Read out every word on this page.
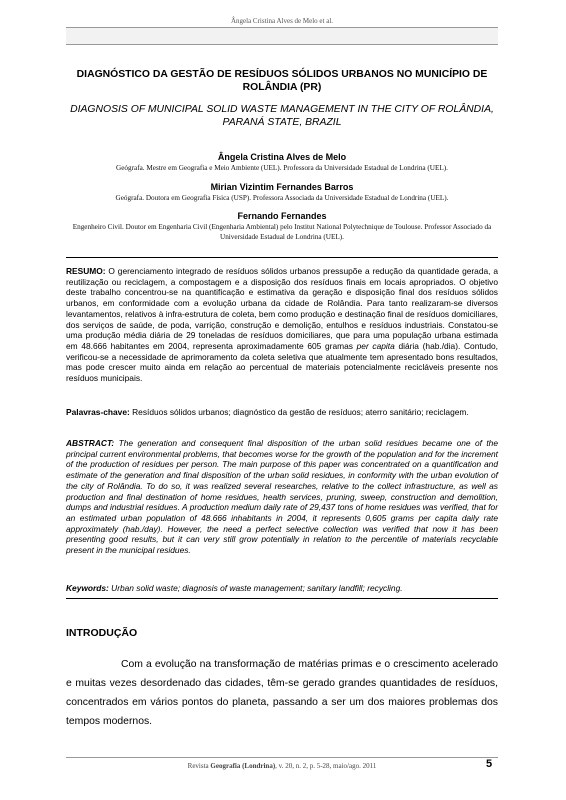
Ângela Cristina Alves de Melo et al.
DIAGNÓSTICO DA GESTÃO DE RESÍDUOS SÓLIDOS URBANOS NO MUNICÍPIO DE ROLÂNDIA (PR)
DIAGNOSIS OF MUNICIPAL SOLID WASTE MANAGEMENT IN THE CITY OF ROLÂNDIA, PARANÁ STATE, BRAZIL
Ângela Cristina Alves de Melo
Geógrafa. Mestre em Geografia e Meio Ambiente (UEL). Professora da Universidade Estadual de Londrina (UEL).
Mirian Vizintim Fernandes Barros
Geógrafa. Doutora em Geografia Física (USP). Professora Associada da Universidade Estadual de Londrina (UEL).
Fernando Fernandes
Engenheiro Civil. Doutor em Engenharia Civil (Engenharia Ambiental) pelo Institut National Polytechnique de Toulouse. Professor Associado da Universidade Estadual de Londrina (UEL).
RESUMO: O gerenciamento integrado de resíduos sólidos urbanos pressupõe a redução da quantidade gerada, a reutilização ou reciclagem, a compostagem e a disposição dos resíduos finais em locais apropriados. O objetivo deste trabalho concentrou-se na quantificação e estimativa da geração e disposição final dos resíduos sólidos urbanos, em conformidade com a evolução urbana da cidade de Rolândia. Para tanto realizaram-se diversos levantamentos, relativos à infra-estrutura de coleta, bem como produção e destinação final de resíduos domiciliares, dos serviços de saúde, de poda, varrição, construção e demolição, entulhos e resíduos industriais. Constatou-se uma produção média diária de 29 toneladas de resíduos domiciliares, que para uma população urbana estimada em 48.666 habitantes em 2004, representa aproximadamente 605 gramas per capita diária (hab./dia). Contudo, verificou-se a necessidade de aprimoramento da coleta seletiva que atualmente tem apresentado bons resultados, mas pode crescer muito ainda em relação ao percentual de materiais potencialmente recicláveis presente nos resíduos municipais.
Palavras-chave: Resíduos sólidos urbanos; diagnóstico da gestão de resíduos; aterro sanitário; reciclagem.
ABSTRACT: The generation and consequent final disposition of the urban solid residues became one of the principal current environmental problems, that becomes worse for the growth of the population and for the increment of the production of residues per person. The main purpose of this paper was concentrated on a quantification and estimate of the generation and final disposition of the urban solid residues, in conformity with the urban evolution of the city of Rolândia. To do so, it was realized several researches, relative to the collect infrastructure, as well as production and final destination of home residues, health services, pruning, sweep, construction and demolition, dumps and industrial residues. A production medium daily rate of 29,437 tons of home residues was verified, that for an estimated urban population of 48.666 inhabitants in 2004, it represents 0,605 grams per capita daily rate approximately (hab./day). However, the need a perfect selective collection was verified that now it has been presenting good results, but it can very still grow potentially in relation to the percentile of materials recyclable present in the municipal residues.
Keywords: Urban solid waste; diagnosis of waste management; sanitary landfill; recycling.
INTRODUÇÃO
Com a evolução na transformação de matérias primas e o crescimento acelerado e muitas vezes desordenado das cidades, têm-se gerado grandes quantidades de resíduos, concentrados em vários pontos do planeta, passando a ser um dos maiores problemas dos tempos modernos.
Revista Geografia (Londrina), v. 20, n. 2, p. 5-28, maio/ago. 2011	5
